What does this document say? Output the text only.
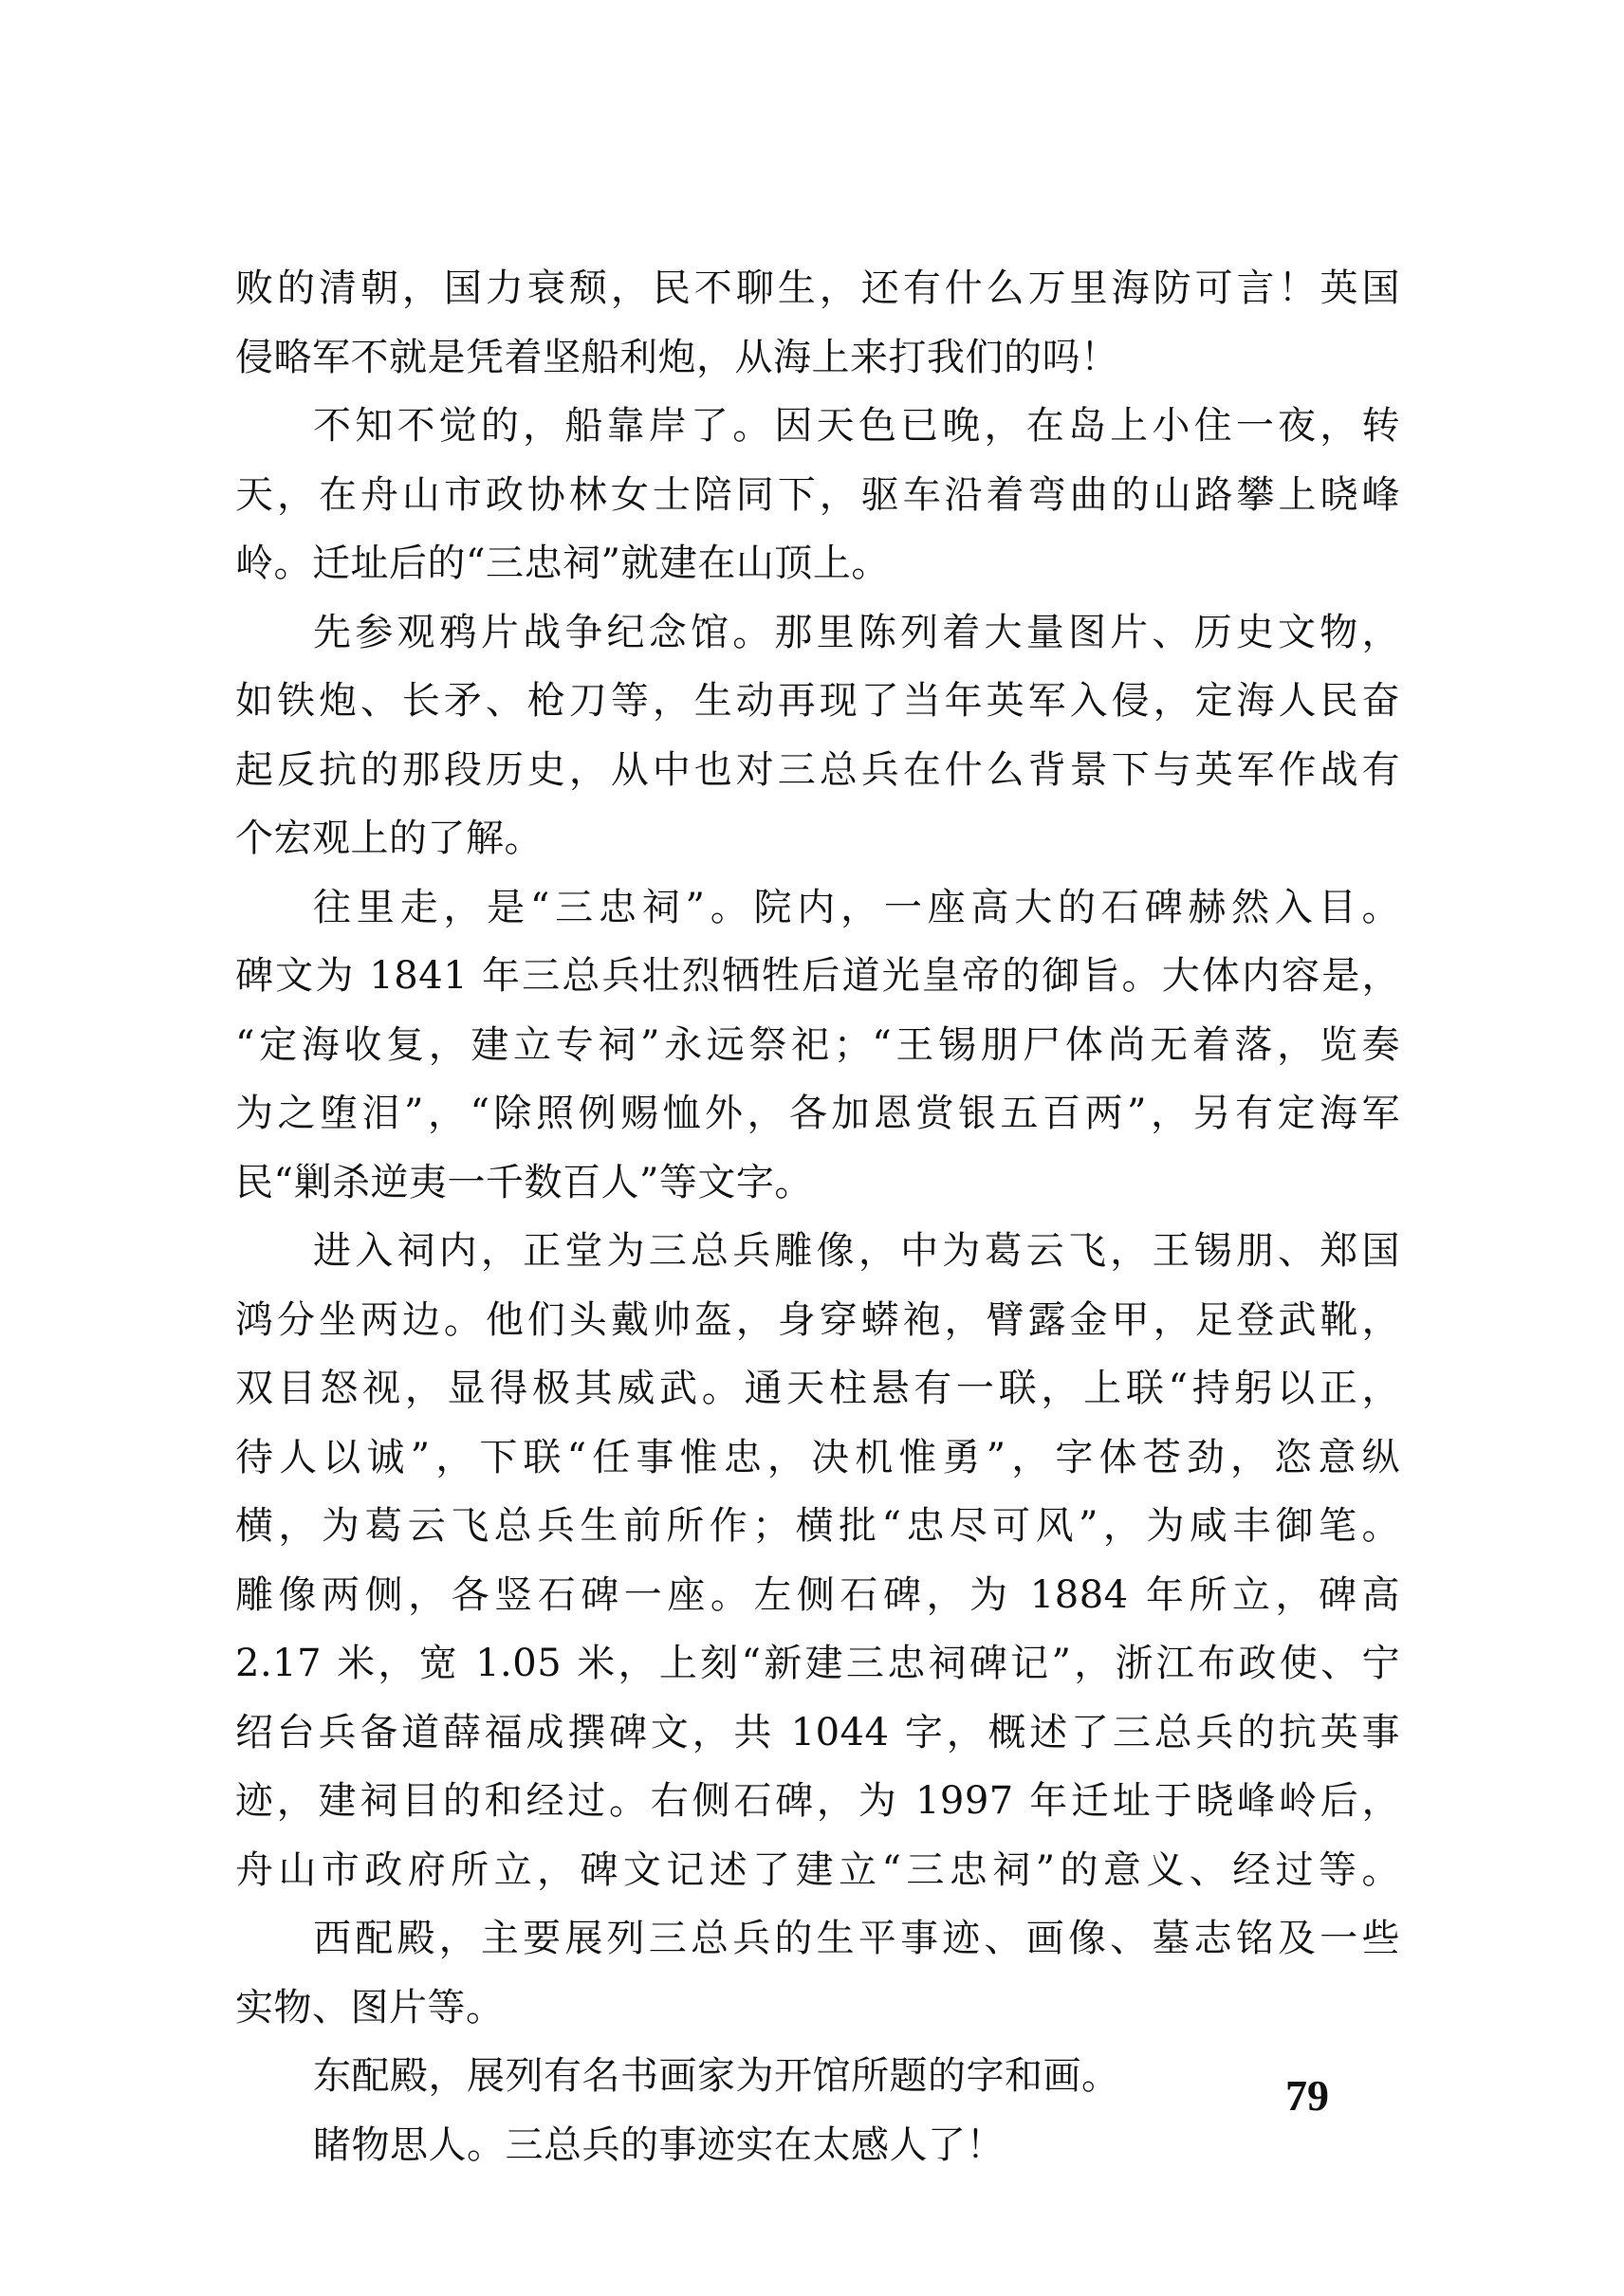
败的清朝，国力衰颓，民不聊生，还有什么万里海防可言！英国
侵略军不就是凭着坚船利炮，从海上来打我们的吗！
不知不觉的，船靠岸了。因天色已晚，在岛上小住一夜，转
天，在舟山市政协林女士陪同下，驱车沿着弯曲的山路攀上晓峰
岭。迁址后的“三忠祠”就建在山顶上。
先参观鸦片战争纪念馆。那里陈列着大量图片、历史文物，
如铁炮、长矛、枪刀等，生动再现了当年英军入侵，定海人民奋
起反抗的那段历史，从中也对三总兵在什么背景下与英军作战有
个宏观上的了解。
往里走，是“三忠祠”。院内，一座高大的石碑赫然入目。
碑文为 1841 年三总兵壮烈牺牲后道光皇帝的御旨。大体内容是，
“定海收复，建立专祠”永远祭祀；“王锡朋尸体尚无着落，览奏
为之堕泪”，“除照例赐恤外，各加恩赏银五百两”，另有定海军
民“剿杀逆夷一千数百人”等文字。
进入祠内，正堂为三总兵雕像，中为葛云飞，王锡朋、郑国
鸿分坐两边。他们头戴帅盔，身穿蟒袍，臂露金甲，足登武靴，
双目怒视，显得极其威武。通天柱悬有一联，上联“持躬以正，
待人以诚”，下联“任事惟忠，决机惟勇”，字体苍劲，恣意纵
横，为葛云飞总兵生前所作；横批“忠尽可风”，为咸丰御笔。
雕像两侧，各竖石碑一座。左侧石碑，为 1884 年所立，碑高
2.17 米，宽 1.05 米，上刻“新建三忠祠碑记”，浙江布政使、宁
绍台兵备道薛福成撰碑文，共 1044 字，概述了三总兵的抗英事
迹，建祠目的和经过。右侧石碑，为 1997 年迁址于晓峰岭后，
舟山市政府所立，碑文记述了建立“三忠祠”的意义、经过等。
西配殿，主要展列三总兵的生平事迹、画像、墓志铭及一些
实物、图片等。
东配殿，展列有名书画家为开馆所题的字和画。
睹物思人。三总兵的事迹实在太感人了！
79
